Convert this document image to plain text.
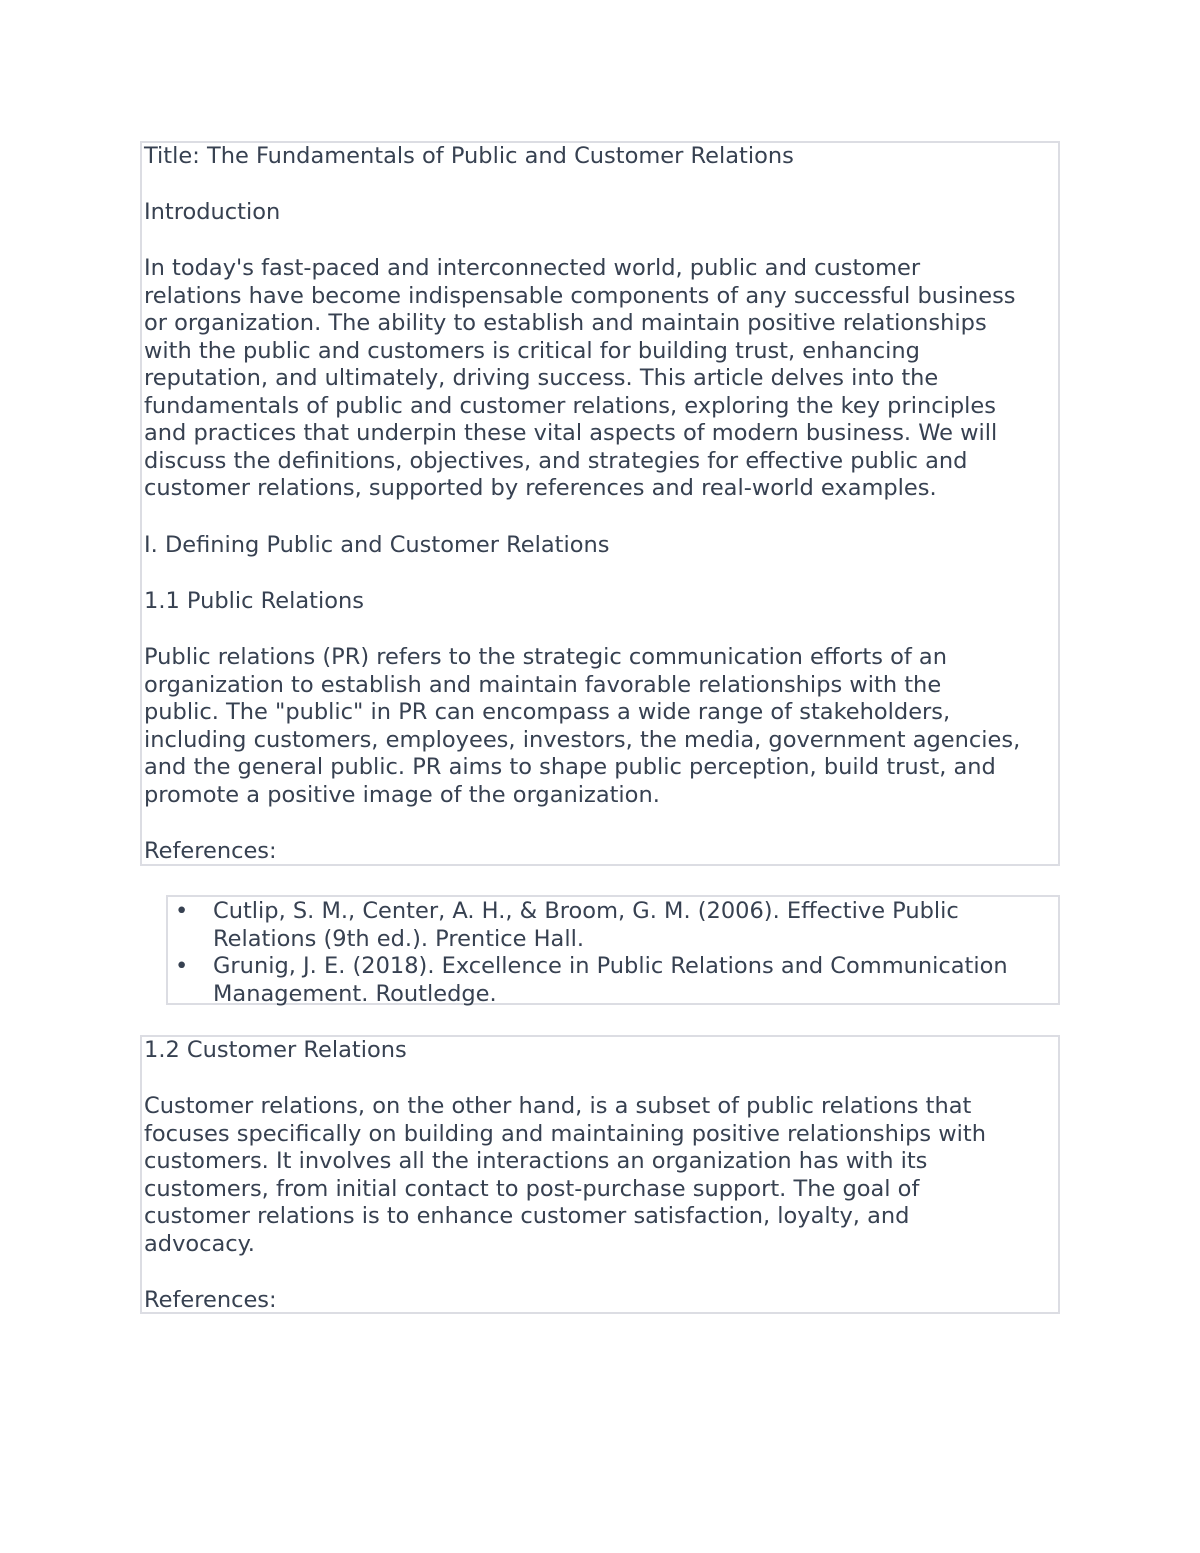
Title: The Fundamentals of Public and Customer Relations
Introduction
In today's fast-paced and interconnected world, public and customer
relations have become indispensable components of any successful business
or organization. The ability to establish and maintain positive relationships
with the public and customers is critical for building trust, enhancing
reputation, and ultimately, driving success. This article delves into the
fundamentals of public and customer relations, exploring the key principles
and practices that underpin these vital aspects of modern business. We will
discuss the definitions, objectives, and strategies for effective public and
customer relations, supported by references and real-world examples.
I. Defining Public and Customer Relations
1.1 Public Relations
Public relations (PR) refers to the strategic communication efforts of an
organization to establish and maintain favorable relationships with the
public. The "public" in PR can encompass a wide range of stakeholders,
including customers, employees, investors, the media, government agencies,
and the general public. PR aims to shape public perception, build trust, and
promote a positive image of the organization.
References:
• Cutlip, S. M., Center, A. H., & Broom, G. M. (2006). Effective Public
Relations (9th ed.). Prentice Hall.
• Grunig, J. E. (2018). Excellence in Public Relations and Communication
Management. Routledge.
1.2 Customer Relations
Customer relations, on the other hand, is a subset of public relations that
focuses specifically on building and maintaining positive relationships with
customers. It involves all the interactions an organization has with its
customers, from initial contact to post-purchase support. The goal of
customer relations is to enhance customer satisfaction, loyalty, and
advocacy.
References:
